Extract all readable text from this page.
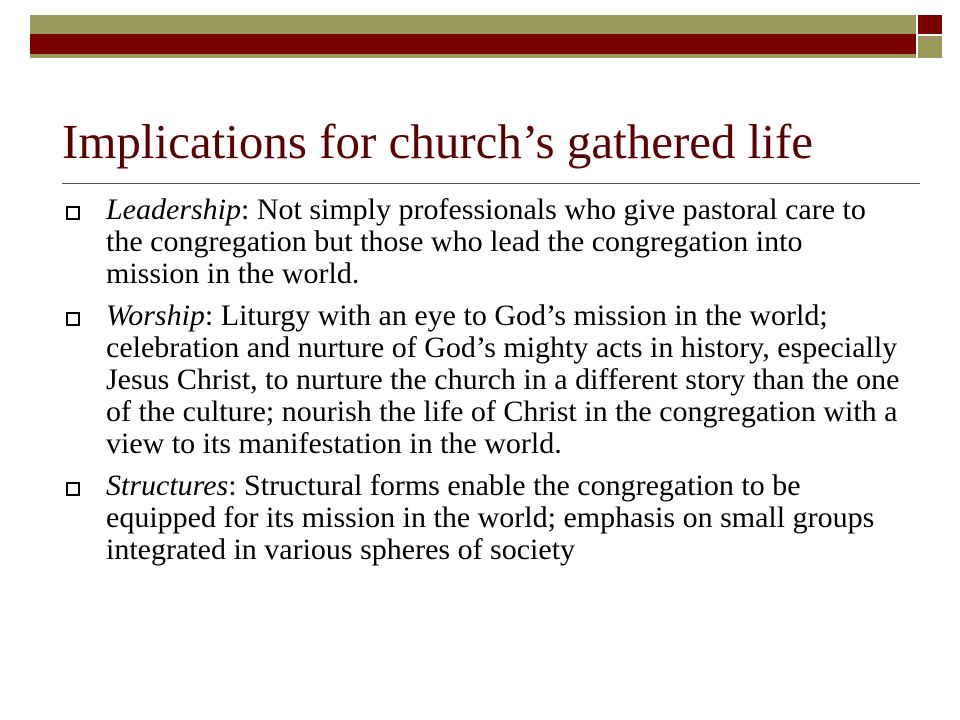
Implications for church’s gathered life
Leadership: Not simply professionals who give pastoral care to the congregation but those who lead the congregation into mission in the world.
Worship: Liturgy with an eye to God’s mission in the world; celebration and nurture of God’s mighty acts in history, especially Jesus Christ, to nurture the church in a different story than the one of the culture; nourish the life of Christ in the congregation with a view to its manifestation in the world.
Structures: Structural forms enable the congregation to be equipped for its mission in the world; emphasis on small groups integrated in various spheres of society
